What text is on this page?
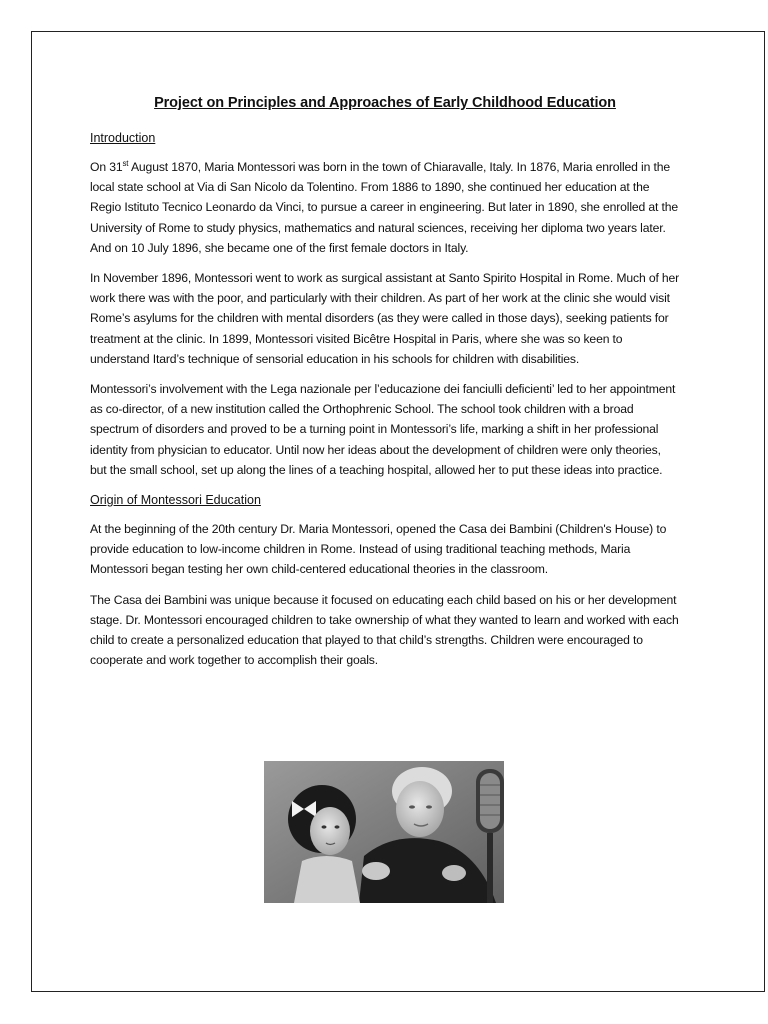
Project on Principles and Approaches of Early Childhood Education
Introduction

On 31st August 1870, Maria Montessori was born in the town of Chiaravalle, Italy. In 1876, Maria enrolled in the local state school at Via di San Nicolo da Tolentino. From 1886 to 1890, she continued her education at the Regio Istituto Tecnico Leonardo da Vinci, to pursue a career in engineering. But later in 1890, she enrolled at the University of Rome to study physics, mathematics and natural sciences, receiving her diploma two years later. And on 10 July 1896, she became one of the first female doctors in Italy.

In November 1896, Montessori went to work as surgical assistant at Santo Spirito Hospital in Rome. Much of her work there was with the poor, and particularly with their children. As part of her work at the clinic she would visit Rome’s asylums for the children with mental disorders (as they were called in those days), seeking patients for treatment at the clinic. In 1899, Montessori visited Bicêtre Hospital in Paris, where she was so keen to understand Itard’s technique of sensorial education in his schools for children with disabilities.

Montessori’s involvement with the Lega nazionale per l’educazione dei fanciulli deficienti’ led to her appointment as co-director, of a new institution called the Orthophrenic School. The school took children with a broad spectrum of disorders and proved to be a turning point in Montessori’s life, marking a shift in her professional identity from physician to educator. Until now her ideas about the development of children were only theories, but the small school, set up along the lines of a teaching hospital, allowed her to put these ideas into practice.

Origin of Montessori Education

At the beginning of the 20th century Dr. Maria Montessori, opened the Casa dei Bambini (Children's House) to provide education to low-income children in Rome. Instead of using traditional teaching methods, Maria Montessori began testing her own child-centered educational theories in the classroom.

The Casa dei Bambini was unique because it focused on educating each child based on his or her development stage. Dr. Montessori encouraged children to take ownership of what they wanted to learn and worked with each child to create a personalized education that played to that child’s strengths. Children were encouraged to cooperate and work together to accomplish their goals.
